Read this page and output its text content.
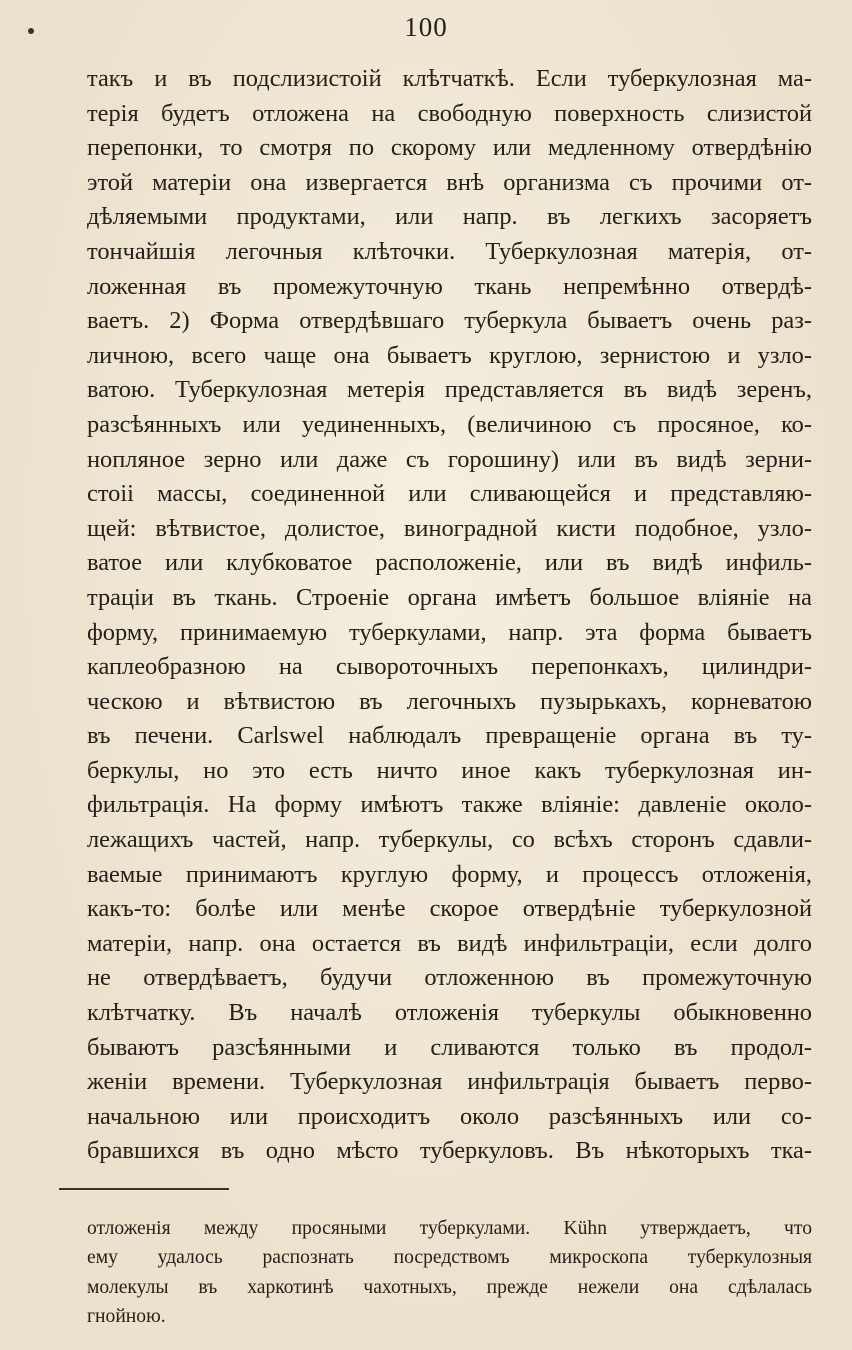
100
такъ и въ подслизистоій клѣтчаткѣ. Если туберкулозная ма-
терія будетъ отложена на свободную поверхность слизистой
перепонки, то смотря по скорому или медленному отвердѣнію
этой матеріи она извергается внѣ организма съ прочими от-
дѣляемыми продуктами, или напр. въ легкихъ засоряетъ
тончайшія легочныя клѣточки. Туберкулозная матерія, от-
ложенная въ промежуточную ткань непремѣнно отвердѣ-
ваетъ. 2) Форма отвердѣвшаго туберкула бываетъ очень раз-
личною, всего чаще она бываетъ круглою, зернистою и узло-
ватою. Туберкулозная метерія представляется въ видѣ зеренъ,
разсѣянныхъ или уединенныхъ, (величиною съ просяное, ко-
нопляное зерно или даже съ горошину) или въ видѣ зерни-
стоіі массы, соединенной или сливающейся и представляю-
щей: вѣтвистое, долистое, виноградной кисти подобное, узло-
ватое или клубковатое расположеніе, или въ видѣ инфиль-
траціи въ ткань. Строеніе органа имѣетъ большое вліяніе на
форму, принимаемую туберкулами, напр. эта форма бываетъ
каплеобразною на сывороточныхъ перепонкахъ, цилиндри-
ческою и вѣтвистою въ легочныхъ пузырькахъ, корневатою
въ печени. Carlswel наблюдалъ превращеніе органа въ ту-
беркулы, но это есть ничто иное какъ туберкулозная ин-
фильтрація. На форму имѣютъ также вліяніе: давленіе около-
лежащихъ частей, напр. туберкулы, со всѣхъ сторонъ сдавли-
ваемые принимаютъ круглую форму, и процессъ отложенія,
какъ-то: болѣе или менѣе скорое отвердѣніе туберкулозной
матеріи, напр. она остается въ видѣ инфильтраціи, если долго
не отвердѣваетъ, будучи отложенною въ промежуточную
клѣтчатку. Въ началѣ отложенія туберкулы обыкновенно
бываютъ разсѣянными и сливаются только въ продол-
женіи времени. Туберкулозная инфильтрація бываетъ перво-
начальною или происходитъ около разсѣянныхъ или со-
бравшихся въ одно мѣсто туберкуловъ. Въ нѣкоторыхъ тка-
отложенія между просяными туберкулами. Kühn утверждаетъ, что
ему удалось распознать посредствомъ микроскопа туберкулозныя
молекулы въ харкотинѣ чахотныхъ, прежде нежели она сдѣлалась
гнойною.
